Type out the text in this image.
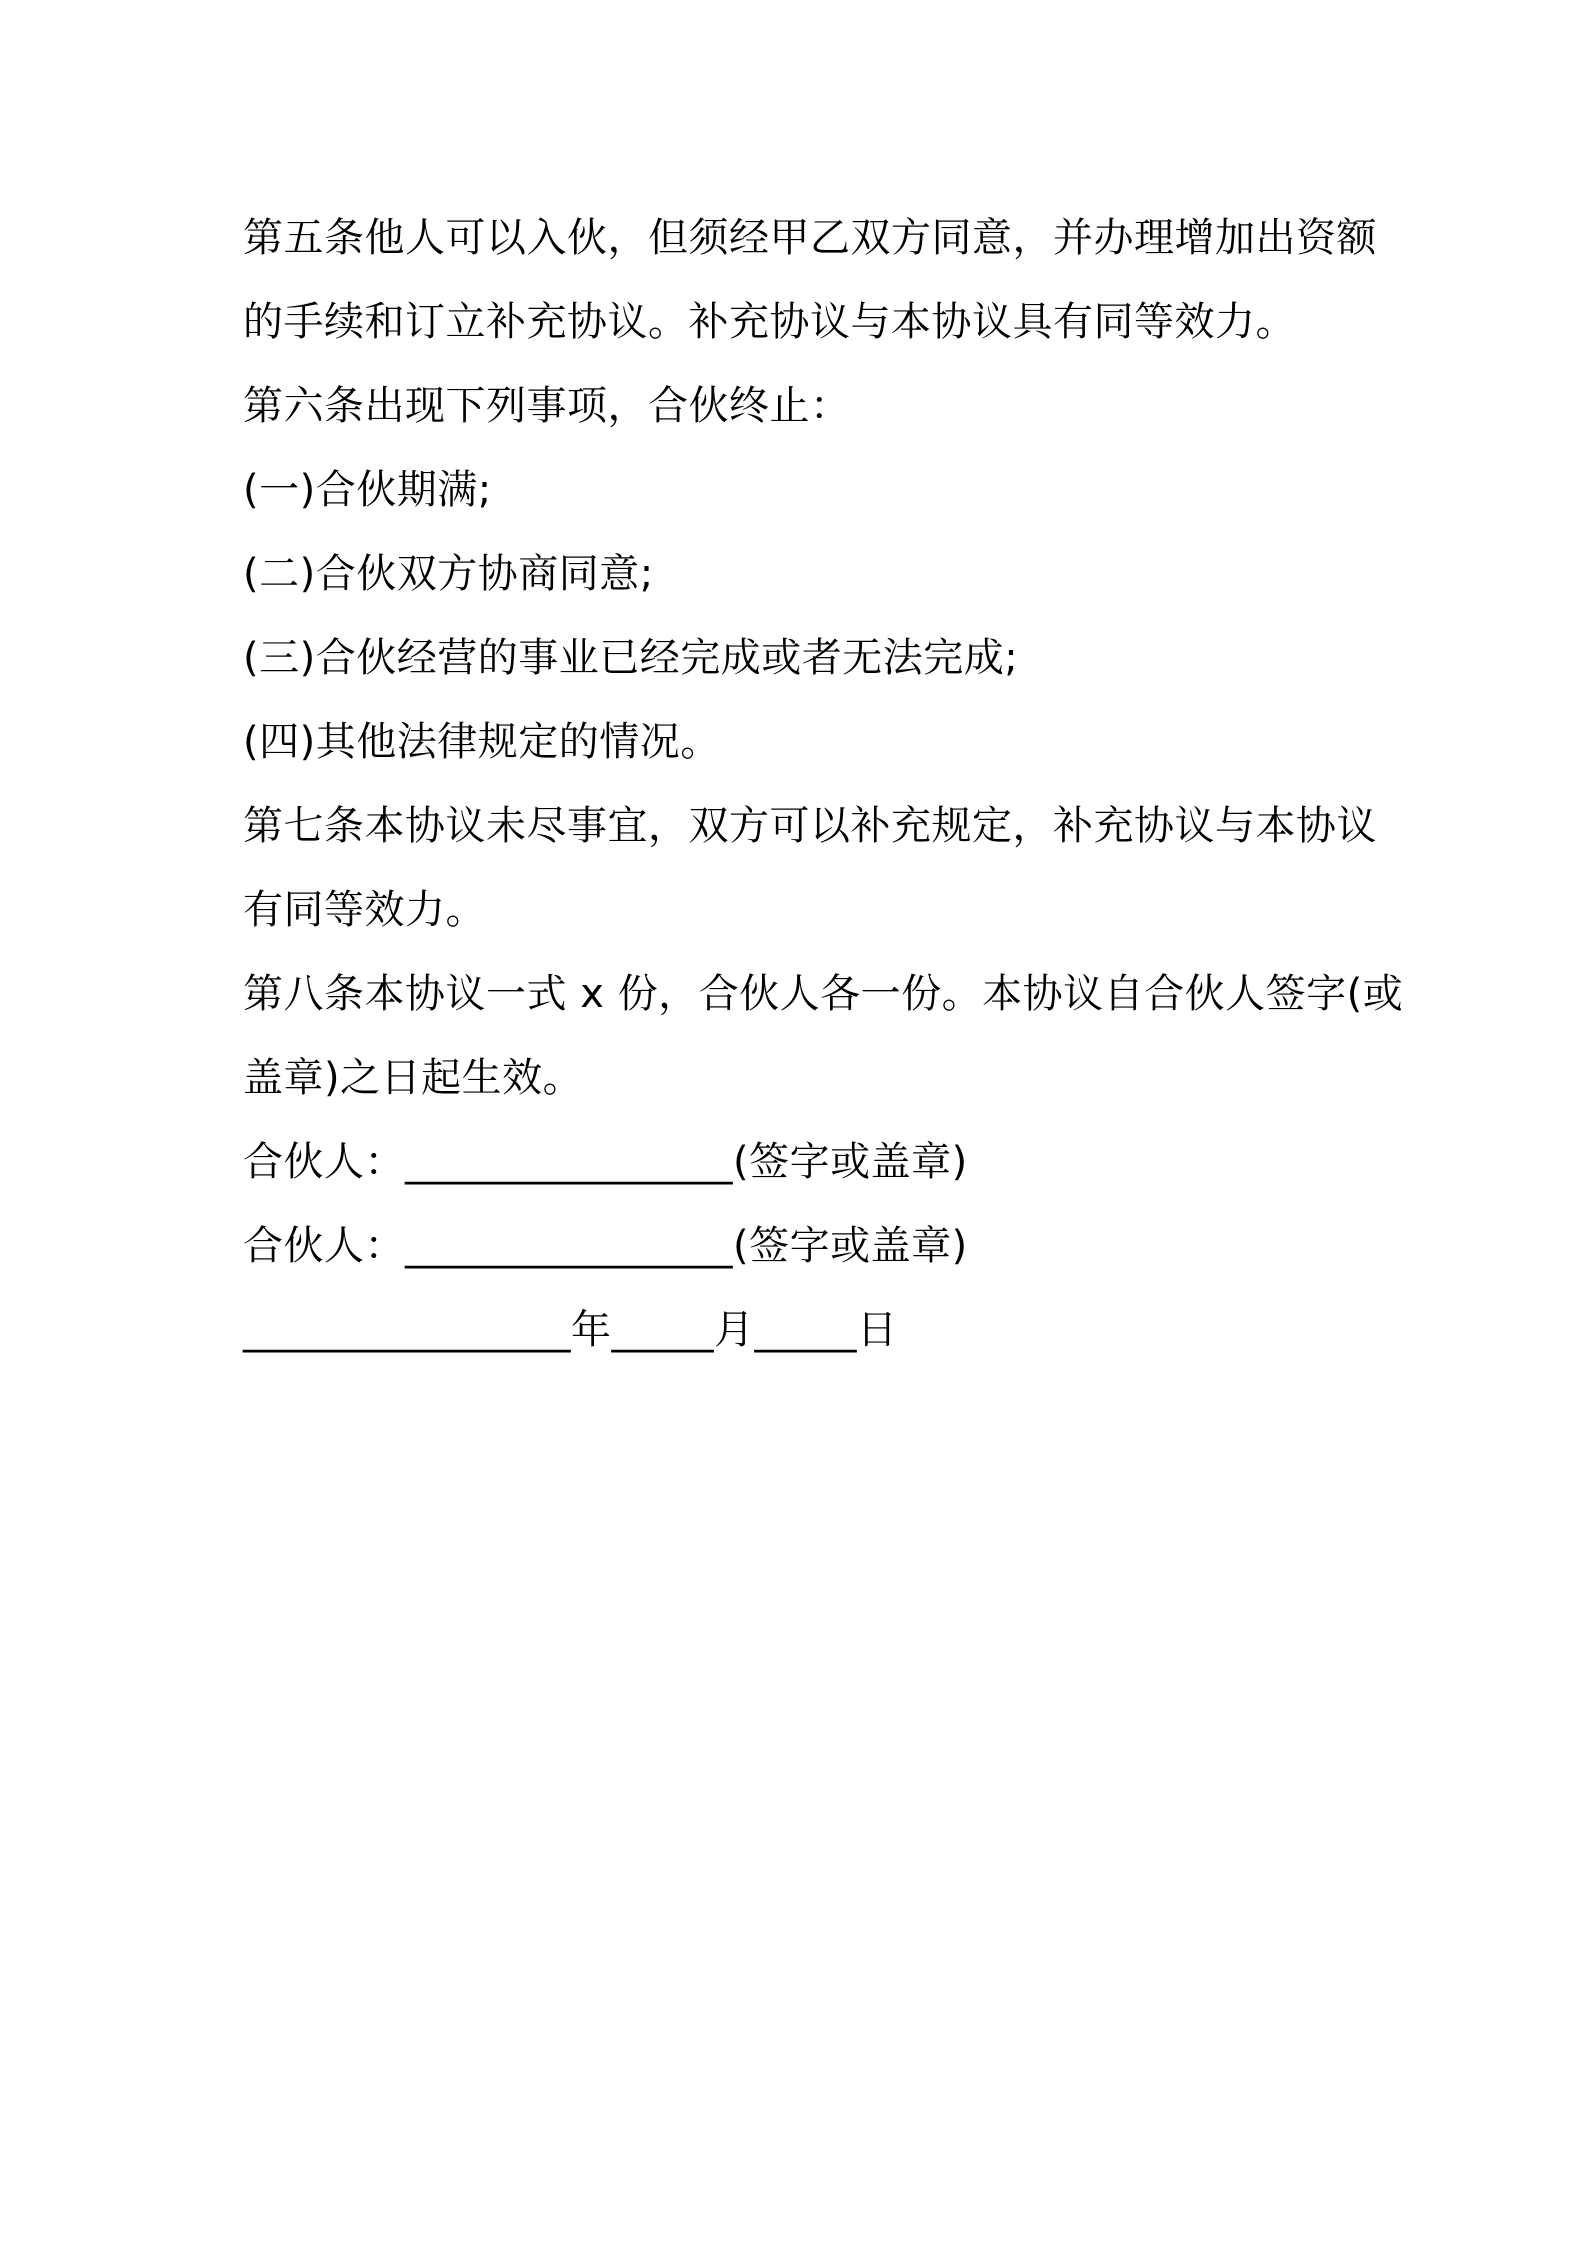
第五条他人可以入伙，但须经甲乙双方同意，并办理增加出资额
的手续和订立补充协议。补充协议与本协议具有同等效力。
第六条出现下列事项，合伙终止：
(一)合伙期满;
(二)合伙双方协商同意;
(三)合伙经营的事业已经完成或者无法完成;
(四)其他法律规定的情况。
第七条本协议未尽事宜，双方可以补充规定，补充协议与本协议
有同等效力。
第八条本协议一式 x 份，合伙人各一份。本协议自合伙人签字(或
盖章)之日起生效。
合伙人：________________(签字或盖章)
合伙人：________________(签字或盖章)
________________年_____月_____日
